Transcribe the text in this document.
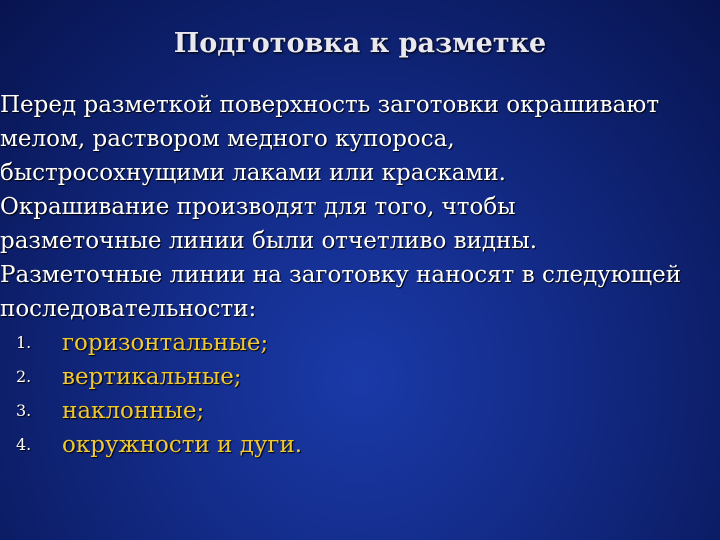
Подготовка к разметке
Перед разметкой поверхность заготовки окрашивают
мелом, раствором медного купороса,
быстросохнущими лаками или красками.
Окрашивание производят для того, чтобы
разметочные линии были отчетливо видны.
Разметочные линии на заготовку наносят в следующей
последовательности:
1. горизонтальные;
2. вертикальные;
3. наклонные;
4. окружности и дуги.
